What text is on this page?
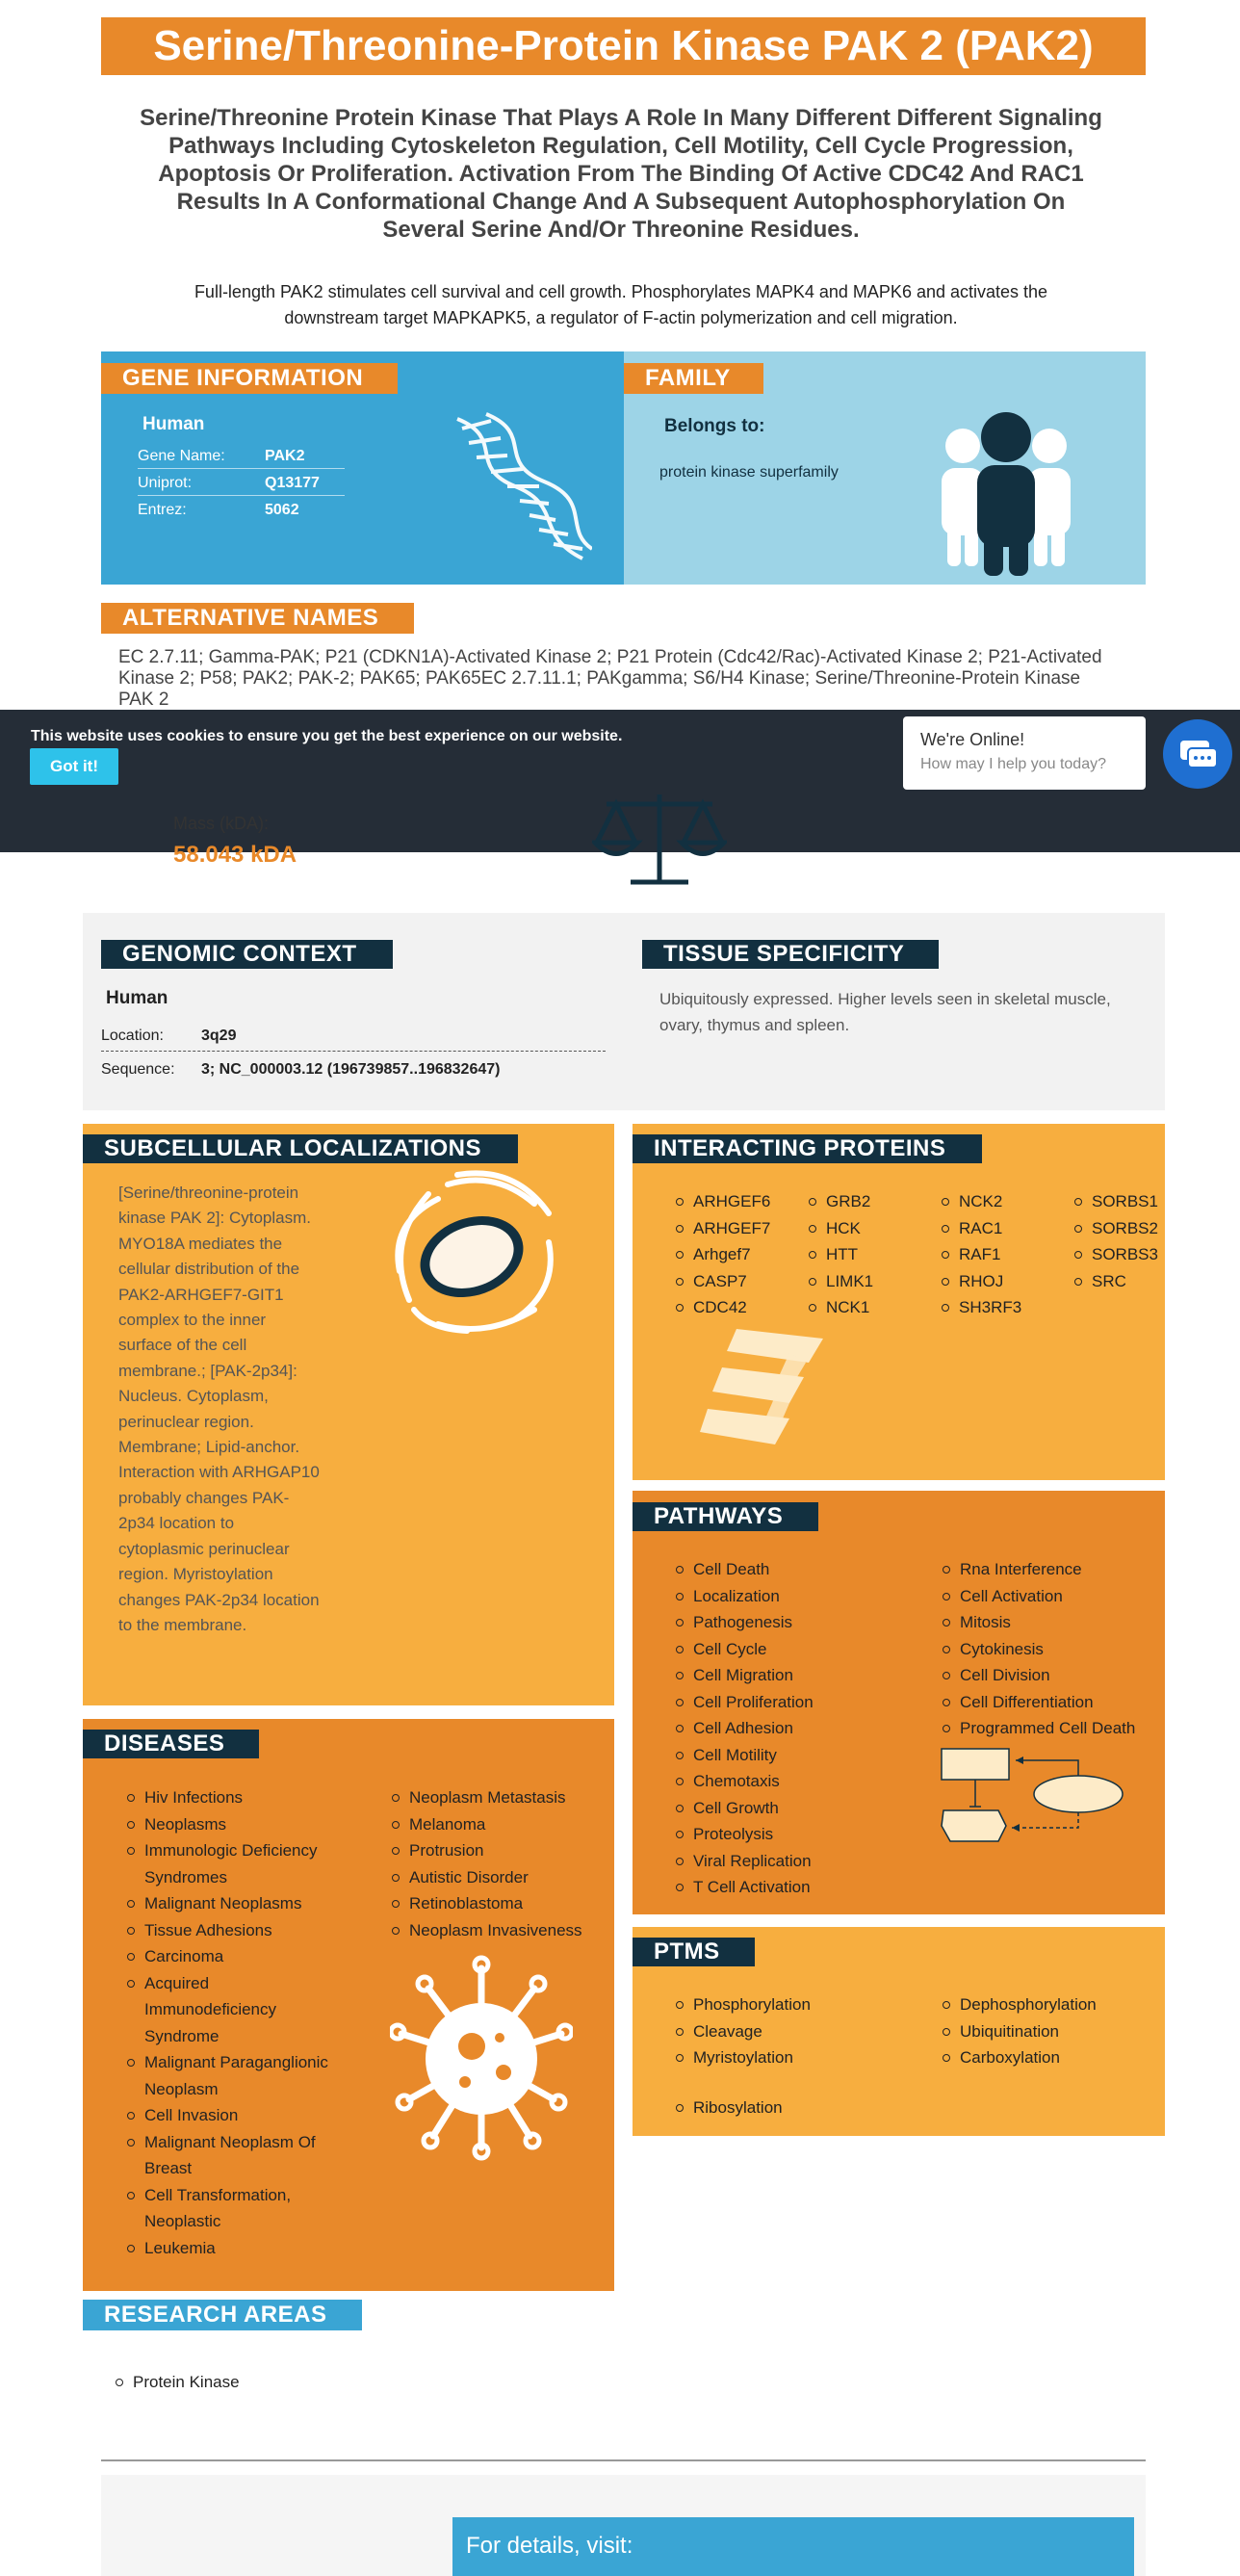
Serine/Threonine-Protein Kinase PAK 2 (PAK2)
Serine/Threonine Protein Kinase That Plays A Role In Many Different Different Signaling Pathways Including Cytoskeleton Regulation, Cell Motility, Cell Cycle Progression, Apoptosis Or Proliferation. Activation From The Binding Of Active CDC42 And RAC1 Results In A Conformational Change And A Subsequent Autophosphorylation On Several Serine And/Or Threonine Residues.
Full-length PAK2 stimulates cell survival and cell growth. Phosphorylates MAPK4 and MAPK6 and activates the downstream target MAPKAPK5, a regulator of F-actin polymerization and cell migration.
GENE INFORMATION
Human
Gene Name:	PAK2
Uniprot:	Q13177
Entrez:	5062
FAMILY
Belongs to:
protein kinase superfamily
ALTERNATIVE NAMES
EC 2.7.11; Gamma-PAK; P21 (CDKN1A)-Activated Kinase 2; P21 Protein (Cdc42/Rac)-Activated Kinase 2; P21-Activated Kinase 2; P58; PAK2; PAK-2; PAK65; PAK65EC 2.7.11.1; PAKgamma; S6/H4 Kinase; Serine/Threonine-Protein Kinase PAK 2
This website uses cookies to ensure you get the best experience on our website.
Got it!
We're Online!
How may I help you today?
Mass (kDA):
58.043 kDA
GENOMIC CONTEXT
Human
Location: 3q29
Sequence: 3; NC_000003.12 (196739857..196832647)
TISSUE SPECIFICITY
Ubiquitously expressed. Higher levels seen in skeletal muscle, ovary, thymus and spleen.
SUBCELLULAR LOCALIZATIONS
[Serine/threonine-protein kinase PAK 2]: Cytoplasm. MYO18A mediates the cellular distribution of the PAK2-ARHGEF7-GIT1 complex to the inner surface of the cell membrane.; [PAK-2p34]: Nucleus. Cytoplasm, perinuclear region. Membrane; Lipid-anchor. Interaction with ARHGAP10 probably changes PAK-2p34 location to cytoplasmic perinuclear region. Myristoylation changes PAK-2p34 location to the membrane.
INTERACTING PROTEINS
ARHGEF6
ARHGEF7
Arhgef7
CASP7
CDC42
GRB2
HCK
HTT
LIMK1
NCK1
NCK2
RAC1
RAF1
RHOJ
SH3RF3
SORBS1
SORBS2
SORBS3
SRC
PATHWAYS
Cell Death
Localization
Pathogenesis
Cell Cycle
Cell Migration
Cell Proliferation
Cell Adhesion
Cell Motility
Chemotaxis
Cell Growth
Proteolysis
Viral Replication
T Cell Activation
Rna Interference
Cell Activation
Mitosis
Cytokinesis
Cell Division
Cell Differentiation
Programmed Cell Death
DISEASES
Hiv Infections
Neoplasms
Immunologic Deficiency Syndromes
Malignant Neoplasms
Tissue Adhesions
Carcinoma
Acquired Immunodeficiency Syndrome
Malignant Paraganglionic Neoplasm
Cell Invasion
Malignant Neoplasm Of Breast
Cell Transformation, Neoplastic
Leukemia
Neoplasm Metastasis
Melanoma
Protrusion
Autistic Disorder
Retinoblastoma
Neoplasm Invasiveness
PTMS
Phosphorylation
Cleavage
Myristoylation
Dephosphorylation
Ubiquitination
Carboxylation
Ribosylation
RESEARCH AREAS
Protein Kinase
For details, visit:
